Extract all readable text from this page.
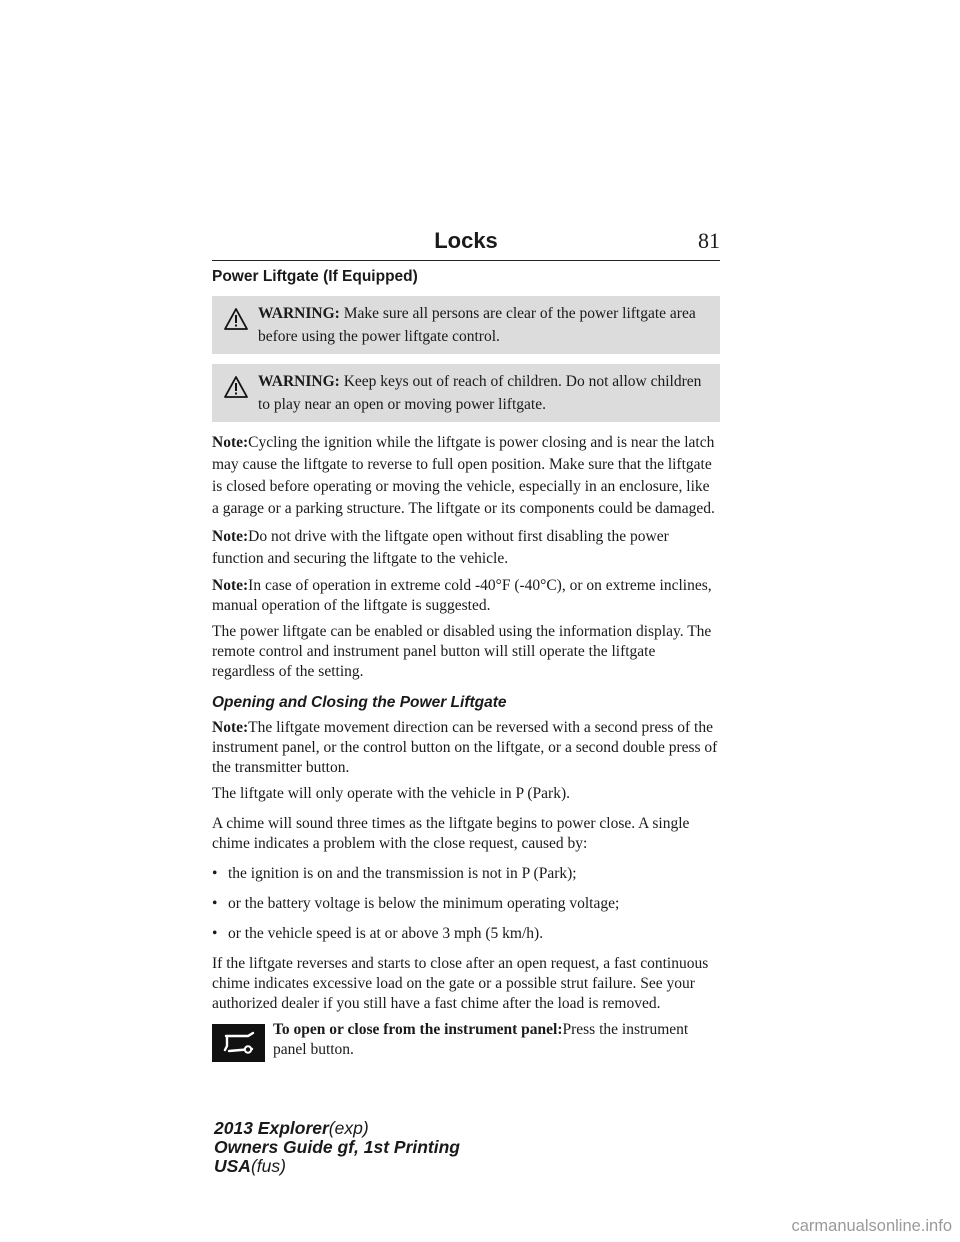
Locks	81
Power Liftgate (If Equipped)
WARNING: Make sure all persons are clear of the power liftgate area before using the power liftgate control.
WARNING: Keep keys out of reach of children. Do not allow children to play near an open or moving power liftgate.

Note:Cycling the ignition while the liftgate is power closing and is near the latch may cause the liftgate to reverse to full open position. Make sure that the liftgate is closed before operating or moving the vehicle, especially in an enclosure, like a garage or a parking structure. The liftgate or its components could be damaged.

Note:Do not drive with the liftgate open without first disabling the power function and securing the liftgate to the vehicle.

Note:In case of operation in extreme cold -40°F (-40°C), or on extreme inclines, manual operation of the liftgate is suggested.

The power liftgate can be enabled or disabled using the information display. The remote control and instrument panel button will still operate the liftgate regardless of the setting.

Opening and Closing the Power Liftgate

Note:The liftgate movement direction can be reversed with a second press of the instrument panel, or the control button on the liftgate, or a second double press of the transmitter button.

The liftgate will only operate with the vehicle in P (Park).

A chime will sound three times as the liftgate begins to power close. A single chime indicates a problem with the close request, caused by:

• the ignition is on and the transmission is not in P (Park);
• or the battery voltage is below the minimum operating voltage;
• or the vehicle speed is at or above 3 mph (5 km/h).

If the liftgate reverses and starts to close after an open request, a fast continuous chime indicates excessive load on the gate or a possible strut failure. See your authorized dealer if you still have a fast chime after the load is removed.

To open or close from the instrument panel:Press the instrument panel button.
2013 Explorer(exp)
Owners Guide gf, 1st Printing
USA(fus)
carmanualsonline.info
